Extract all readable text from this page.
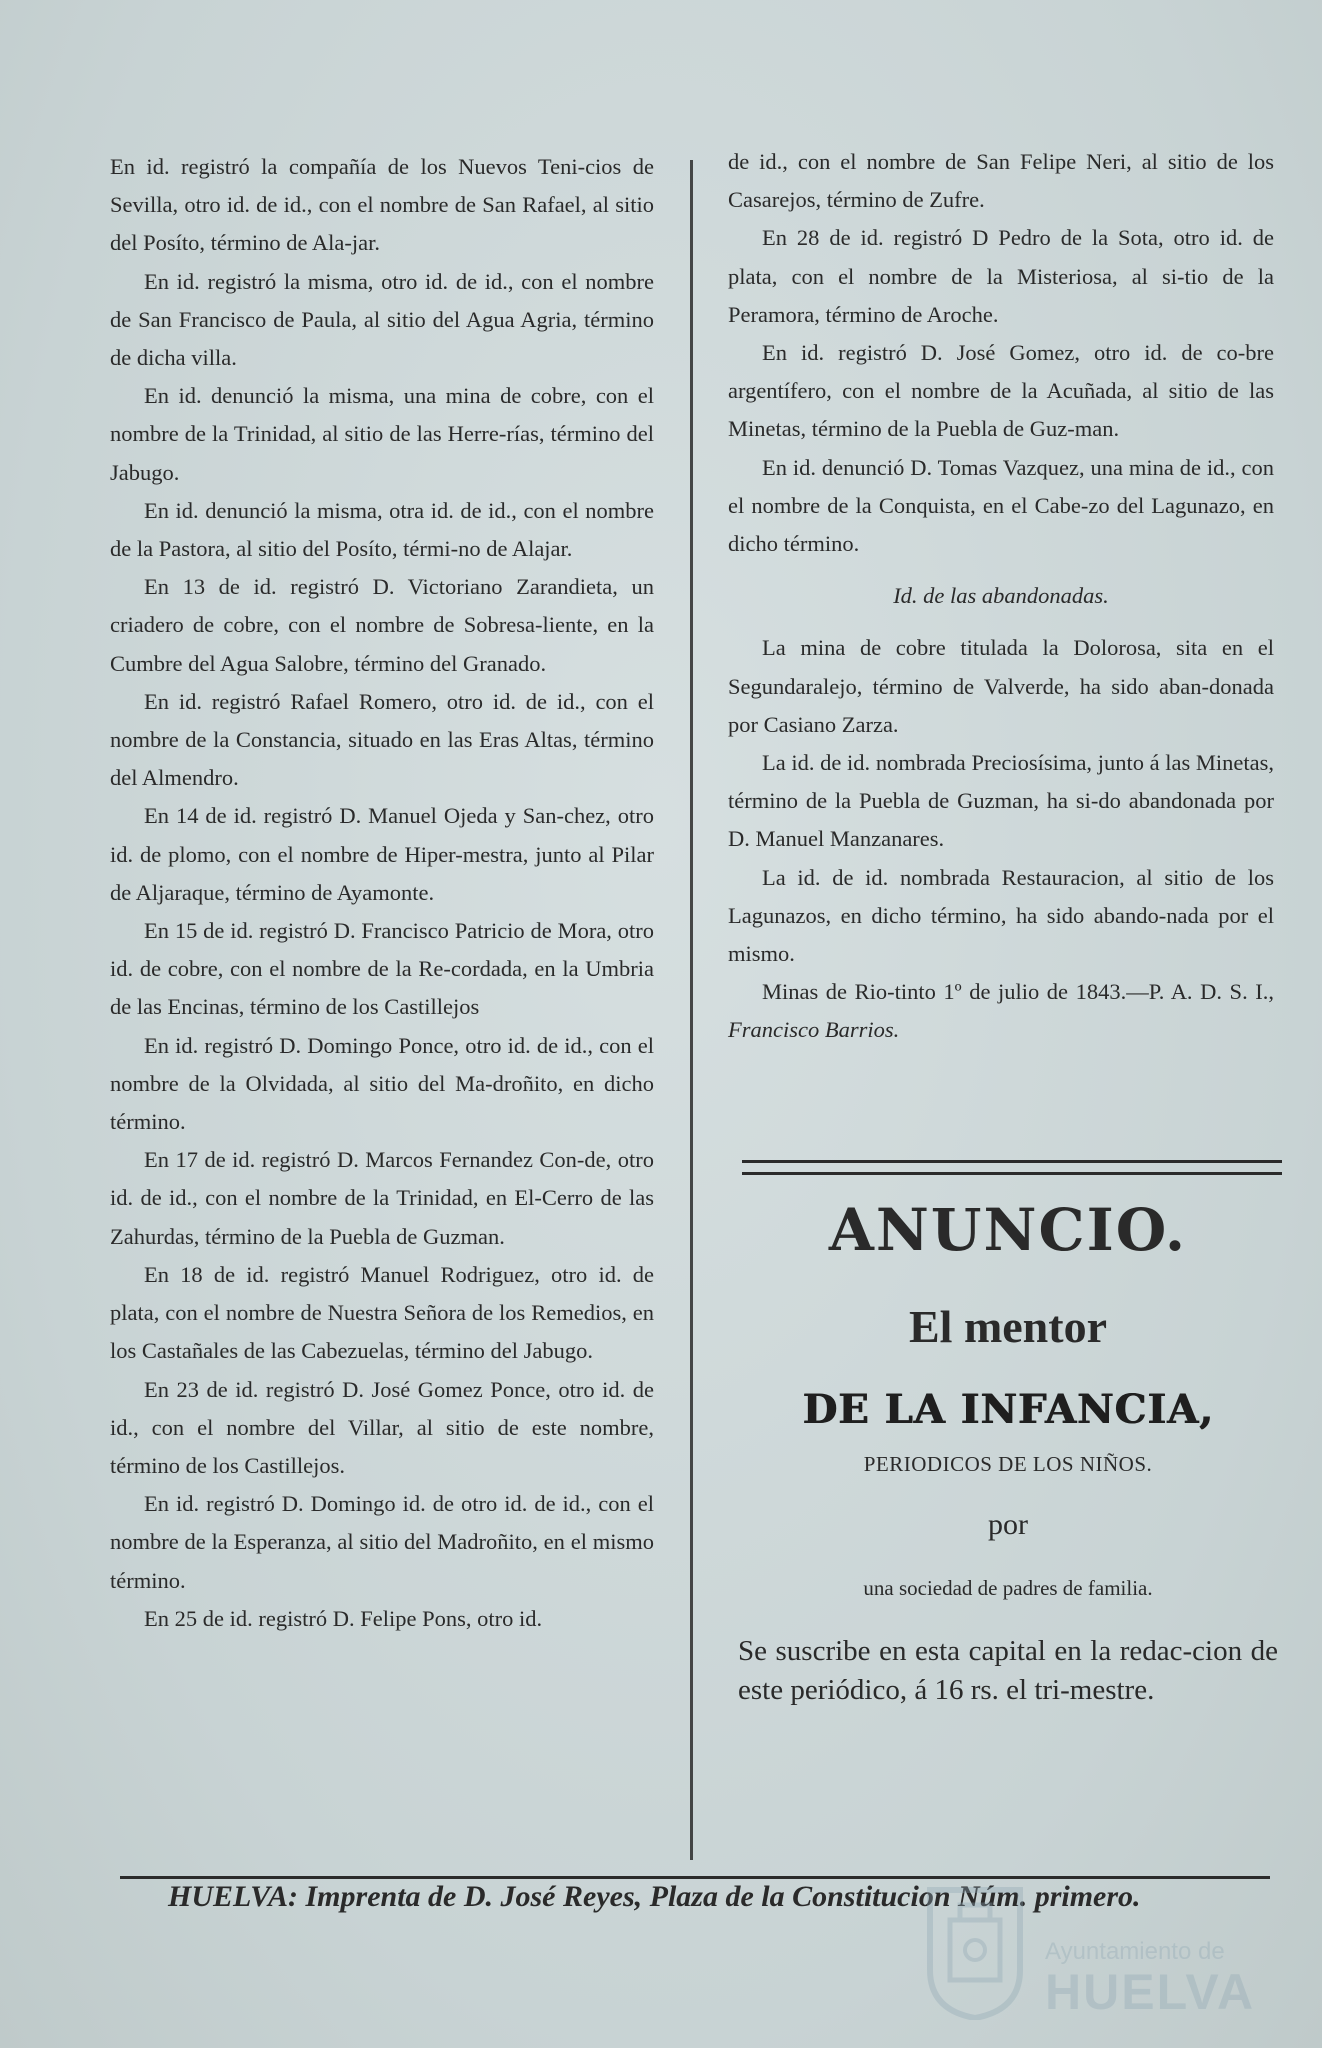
En id. registró la compañía de los Nuevos Teni-cios de Sevilla, otro id. de id., con el nombre de San Rafael, al sitio del Posíto, término de Ala-jar.

En id. registró la misma, otro id. de id., con el nombre de San Francisco de Paula, al sitio del Agua Agria, término de dicha villa.

En id. denunció la misma, una mina de cobre, con el nombre de la Trinidad, al sitio de las Herre-rías, término del Jabugo.

En id. denunció la misma, otra id. de id., con el nombre de la Pastora, al sitio del Posíto, térmi-no de Alajar.

En 13 de id. registró D. Victoriano Zarandieta, un criadero de cobre, con el nombre de Sobresa-liente, en la Cumbre del Agua Salobre, término del Granado.

En id. registró Rafael Romero, otro id. de id., con el nombre de la Constancia, situado en las Eras Altas, término del Almendro.

En 14 de id. registró D. Manuel Ojeda y San-chez, otro id. de plomo, con el nombre de Hiper-mestra, junto al Pilar de Aljaraque, término de Ayamonte.

En 15 de id. registró D. Francisco Patricio de Mora, otro id. de cobre, con el nombre de la Re-cordada, en la Umbria de las Encinas, término de los Castillejos

En id. registró D. Domingo Ponce, otro id. de id., con el nombre de la Olvidada, al sitio del Ma-droñito, en dicho término.

En 17 de id. registró D. Marcos Fernandez Con-de, otro id. de id., con el nombre de la Trinidad, en El-Cerro de las Zahurdas, término de la Puebla de Guzman.

En 18 de id. registró Manuel Rodriguez, otro id. de plata, con el nombre de Nuestra Señora de los Remedios, en los Castañales de las Cabezuelas, término del Jabugo.

En 23 de id. registró D. José Gomez Ponce, otro id. de id., con el nombre del Villar, al sitio de este nombre, término de los Castillejos.

En id. registró D. Domingo id. de otro id. de id., con el nombre de la Esperanza, al sitio del Madroñito, en el mismo término.

En 25 de id. registró D. Felipe Pons, otro id.

de id., con el nombre de San Felipe Neri, al sitio de los Casarejos, término de Zufre.

En 28 de id. registró D Pedro de la Sota, otro id. de plata, con el nombre de la Misteriosa, al si-tio de la Peramora, término de Aroche.

En id. registró D. José Gomez, otro id. de co-bre argentífero, con el nombre de la Acuñada, al sitio de las Minetas, término de la Puebla de Guz-man.

En id. denunció D. Tomas Vazquez, una mina de id., con el nombre de la Conquista, en el Cabe-zo del Lagunazo, en dicho término.

Id. de las abandonadas.

La mina de cobre titulada la Dolorosa, sita en el Segundaralejo, término de Valverde, ha sido aban-donada por Casiano Zarza.

La id. de id. nombrada Preciosísima, junto á las Minetas, término de la Puebla de Guzman, ha si-do abandonada por D. Manuel Manzanares.

La id. de id. nombrada Restauracion, al sitio de los Lagunazos, en dicho término, ha sido abando-nada por el mismo.

Minas de Rio-tinto 1º de julio de 1843.—P. A. D. S. I., Francisco Barrios.

ANUNCIO.
El mentor
DE LA INFANCIA,
PERIODICOS DE LOS NIÑOS.
por
una sociedad de padres de familia.
Se suscribe en esta capital en la redac-cion de este periódico, á 16 rs. el tri-mestre.
HUELVA: Imprenta de D. José Reyes, Plaza de la Constitucion Núm. primero.
Ayuntamiento de
HUELVA
